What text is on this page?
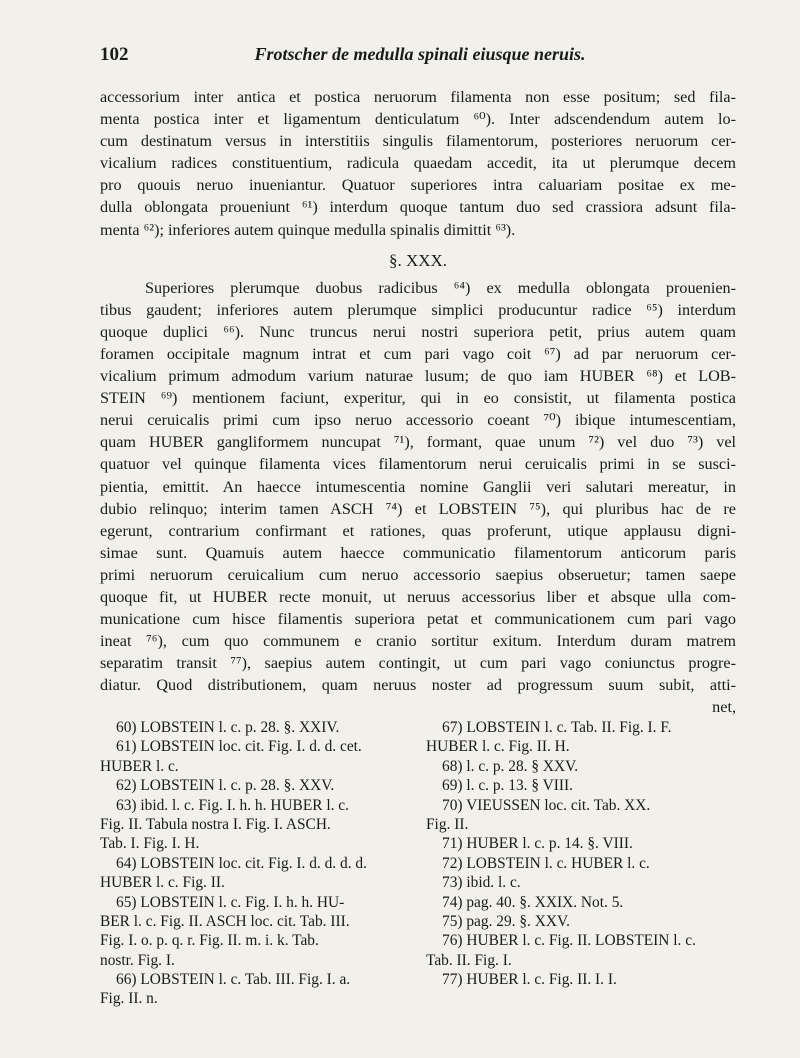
102	Frotscher de medulla spinali eiusque neruis.
accessorium inter antica et postica neruorum filamenta non esse positum; sed fila-
menta postica inter et ligamentum denticulatum ⁶⁰). Inter adscendendum autem lo-
cum destinatum versus in interstitiis singulis filamentorum, posteriores neruorum cer-
vicalium radices constituentium, radicula quaedam accedit, ita ut plerumque decem
pro quouis neruo inueniantur. Quatuor superiores intra caluariam positae ex me-
dulla oblongata proueniunt ⁶¹) interdum quoque tantum duo sed crassiora adsunt fila-
menta ⁶²); inferiores autem quinque medulla spinalis dimittit ⁶³).
§. XXX.
Superiores plerumque duobus radicibus ⁶⁴) ex medulla oblongata prouenien-
tibus gaudent; inferiores autem plerumque simplici producuntur radice ⁶⁵) interdum
quoque duplici ⁶⁶). Nunc truncus nerui nostri superiora petit, prius autem quam
foramen occipitale magnum intrat et cum pari vago coit ⁶⁷) ad par neruorum cer-
vicalium primum admodum varium naturae lusum; de quo iam HUBER ⁶⁸) et LOB-
STEIN ⁶⁹) mentionem faciunt, experitur, qui in eo consistit, ut filamenta postica
nerui ceruicalis primi cum ipso neruo accessorio coeant ⁷⁰) ibique intumescentiam,
quam HUBER gangliformem nuncupat ⁷¹), formant, quae unum ⁷²) vel duo ⁷³) vel
quatuor vel quinque filamenta vices filamentorum nerui ceruicalis primi in se susci-
pientia, emittit. An haecce intumescentia nomine Ganglii veri salutari mereatur, in
dubio relinquo; interim tamen ASCH ⁷⁴) et LOBSTEIN ⁷⁵), qui pluribus hac de re
egerunt, contrarium confirmant et rationes, quas proferunt, utique applausu digni-
simae sunt. Quamuis autem haecce communicatio filamentorum anticorum paris
primi neruorum ceruicalium cum neruo accessorio saepius obseruetur; tamen saepe
quoque fit, ut HUBER recte monuit, ut neruus accessorius liber et absque ulla com-
municatione cum hisce filamentis superiora petat et communicationem cum pari vago
ineat ⁷⁶), cum quo communem e cranio sortitur exitum. Interdum duram matrem
separatim transit ⁷⁷), saepius autem contingit, ut cum pari vago coniunctus progre-
diatur. Quod distributionem, quam neruus noster ad progressum suum subit, atti-
net,
60) LOBSTEIN l. c. p. 28. §. XXIV.
61) LOBSTEIN loc. cit. Fig. I. d. d. cet.
HUBER l. c.
62) LOBSTEIN l. c. p. 28. §. XXV.
63) ibid. l. c. Fig. I. h. h. HUBER l. c.
Fig. II. Tabula nostra I. Fig. I. ASCH.
Tab. I. Fig. I. H.
64) LOBSTEIN loc. cit. Fig. I. d. d. d. d.
HUBER l. c. Fig. II.
65) LOBSTEIN l. c. Fig. I. h. h. HU-
BER l. c. Fig. II. ASCH loc. cit. Tab. III.
Fig. I. o. p. q. r. Fig. II. m. i. k. Tab.
nostr. Fig. I.
66) LOBSTEIN l. c. Tab. III. Fig. I. a.
Fig. II. n.
67) LOBSTEIN l. c. Tab. II. Fig. I. F.
HUBER l. c. Fig. II. H.
68) l. c. p. 28. § XXV.
69) l. c. p. 13. § VIII.
70) VIEUSSEN loc. cit. Tab. XX.
Fig. II.
71) HUBER l. c. p. 14. §. VIII.
72) LOBSTEIN l. c. HUBER l. c.
73) ibid. l. c.
74) pag. 40. §. XXIX. Not. 5.
75) pag. 29. §. XXV.
76) HUBER l. c. Fig. II. LOBSTEIN l. c.
Tab. II. Fig. I.
77) HUBER l. c. Fig. II. I. I.
